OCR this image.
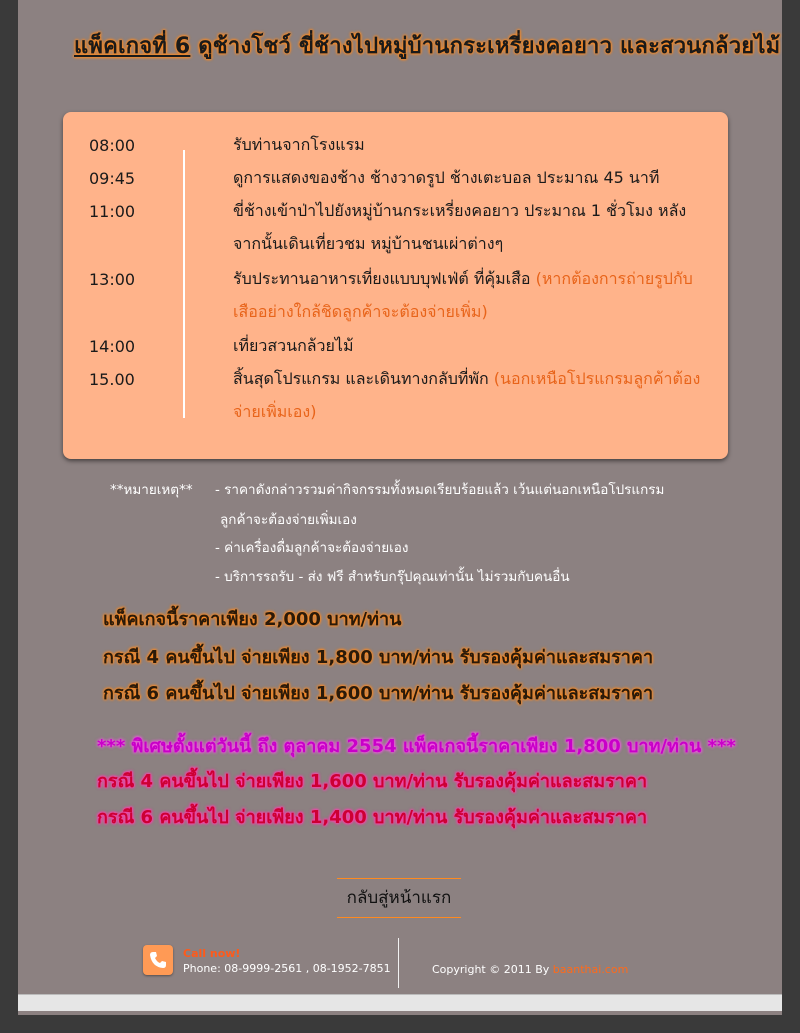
แพ็คเกจที่ 6 ดูช้างโชว์ ขี่ช้างไปหมู่บ้านกระเหรี่ยงคอยาว และสวนกล้วยไม้
08:00	รับท่านจากโรงแรม
09:45	ดูการแสดงของช้าง ช้างวาดรูป ช้างเตะบอล ประมาณ 45 นาที
11:00	ขี่ช้างเข้าป่าไปยังหมู่บ้านกระเหรี่ยงคอยาว ประมาณ 1 ชั่วโมง หลังจากนั้นเดินเที่ยวชม หมู่บ้านชนเผ่าต่างๆ
13:00	รับประทานอาหารเที่ยงแบบบุฟเฟ่ต์ ที่คุ้มเสือ (หากต้องการถ่ายรูปกับเสืออย่างใกล้ชิดลูกค้าจะต้องจ่ายเพิ่ม)
14:00	เที่ยวสวนกล้วยไม้
15.00	สิ้นสุดโปรแกรม และเดินทางกลับที่พัก (นอกเหนือโปรแกรมลูกค้าต้องจ่ายเพิ่มเอง)
**หมายเหตุ** - ราคาดังกล่าวรวมค่ากิจกรรมทั้งหมดเรียบร้อยแล้ว เว้นแต่นอกเหนือโปรแกรม
ลูกค้าจะต้องจ่ายเพิ่มเอง
- ค่าเครื่องดื่มลูกค้าจะต้องจ่ายเอง
- บริการรถรับ - ส่ง ฟรี สำหรับกรุ๊ปคุณเท่านั้น ไม่รวมกับคนอื่น
แพ็คเกจนี้ราคาเพียง 2,000 บาท/ท่าน
กรณี 4 คนขึ้นไป จ่ายเพียง 1,800 บาท/ท่าน รับรองคุ้มค่าและสมราคา
กรณี 6 คนขึ้นไป จ่ายเพียง 1,600 บาท/ท่าน รับรองคุ้มค่าและสมราคา
*** พิเศษตั้งแต่วันนี้ ถึง ตุลาคม 2554 แพ็คเกจนี้ราคาเพียง 1,800 บาท/ท่าน ***
กรณี 4 คนขึ้นไป จ่ายเพียง 1,600 บาท/ท่าน รับรองคุ้มค่าและสมราคา
กรณี 6 คนขึ้นไป จ่ายเพียง 1,400 บาท/ท่าน รับรองคุ้มค่าและสมราคา
กลับสู่หน้าแรก
Call now!
Phone: 08-9999-2561 , 08-1952-7851	Copyright © 2011 By baanthai.com
